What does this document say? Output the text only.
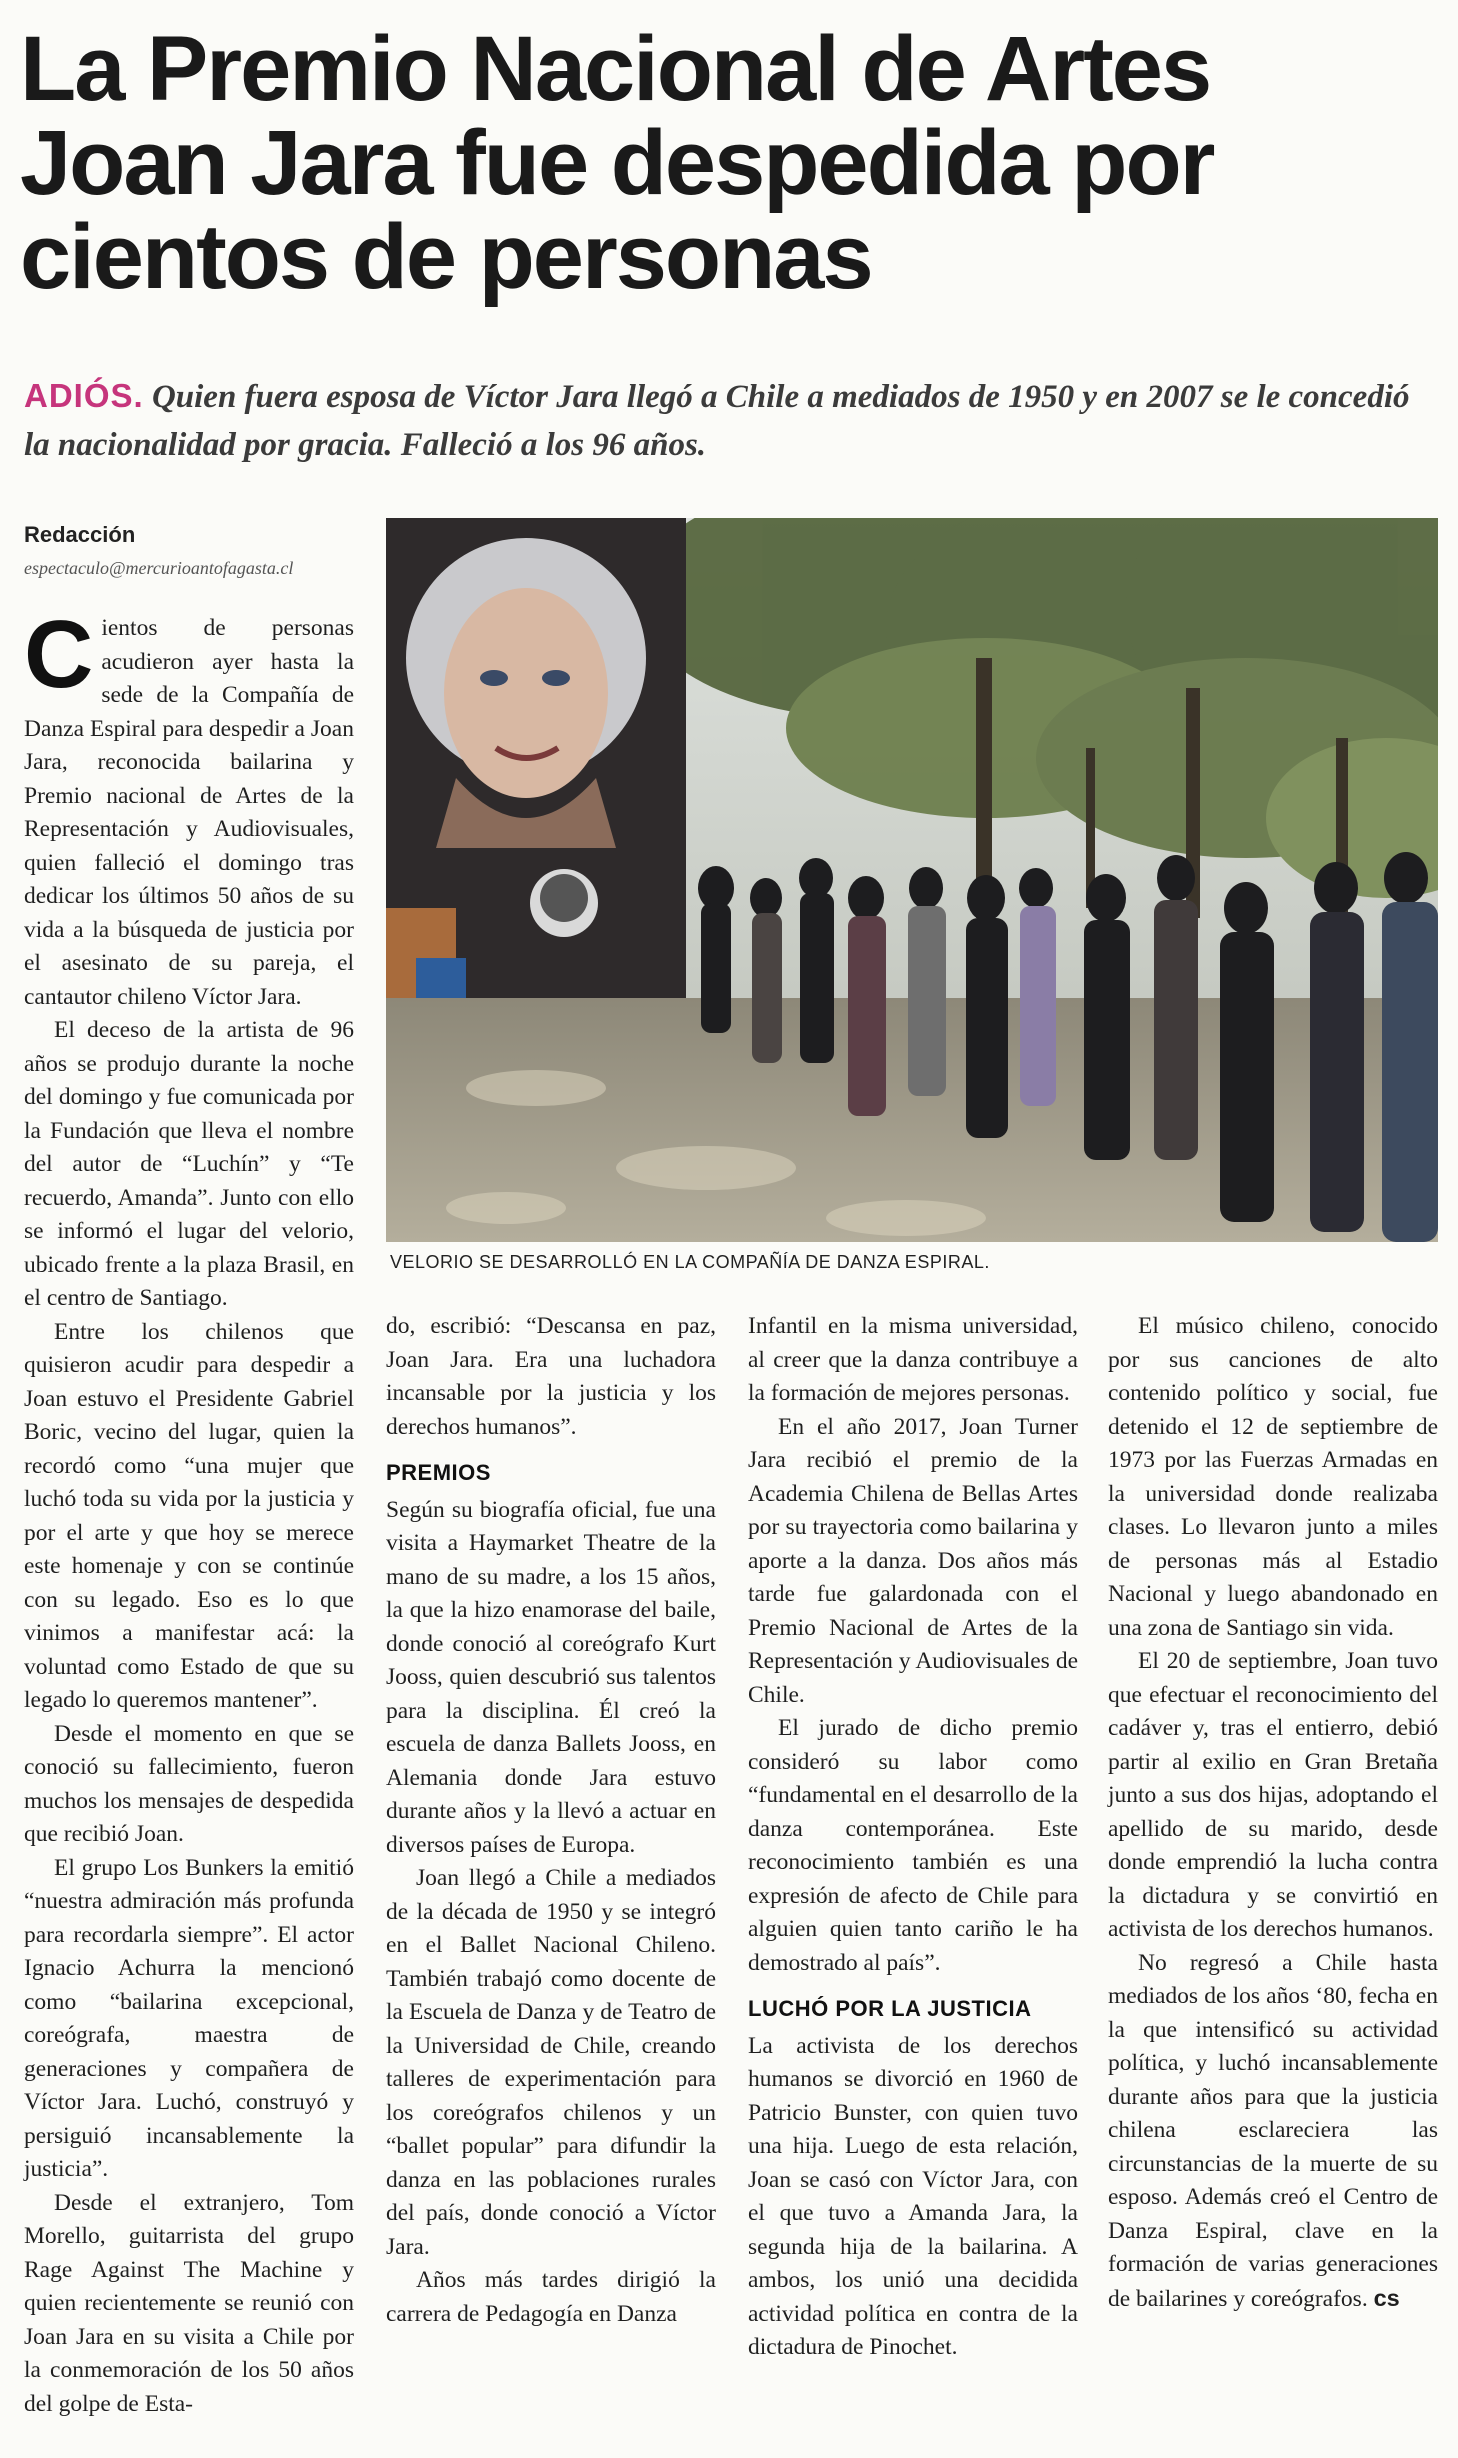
La Premio Nacional de Artes
Joan Jara fue despedida por
cientos de personas

ADIÓS. Quien fuera esposa de Víctor Jara llegó a Chile a mediados de 1950 y en 2007 se le concedió la nacionalidad por gracia. Falleció a los 96 años.

Redacción
espectaculo@mercurioantofagasta.cl
VELORIO SE DESARROLLÓ EN LA COMPAÑÍA DE DANZA ESPIRAL.

Cientos de personas acudieron ayer hasta la sede de la Compañía de Danza Espiral para despedir a Joan Jara, reconocida bailarina y Premio nacional de Artes de la Representación y Audiovisuales, quien falleció el domingo tras dedicar los últimos 50 años de su vida a la búsqueda de justicia por el asesinato de su pareja, el cantautor chileno Víctor Jara.

El deceso de la artista de 96 años se produjo durante la noche del domingo y fue comunicada por la Fundación que lleva el nombre del autor de “Luchín” y “Te recuerdo, Amanda”. Junto con ello se informó el lugar del velorio, ubicado frente a la plaza Brasil, en el centro de Santiago.

Entre los chilenos que quisieron acudir para despedir a Joan estuvo el Presidente Gabriel Boric, vecino del lugar, quien la recordó como “una mujer que luchó toda su vida por la justicia y por el arte y que hoy se merece este homenaje y con se continúe con su legado. Eso es lo que vinimos a manifestar acá: la voluntad como Estado de que su legado lo queremos mantener”.

Desde el momento en que se conoció su fallecimiento, fueron muchos los mensajes de despedida que recibió Joan.

El grupo Los Bunkers la emitió “nuestra admiración más profunda para recordarla siempre”. El actor Ignacio Achurra la mencionó como “bailarina excepcional, coreógrafa, maestra de generaciones y compañera de Víctor Jara. Luchó, construyó y persiguió incansablemente la justicia”.

Desde el extranjero, Tom Morello, guitarrista del grupo Rage Against The Machine y quien recientemente se reunió con Joan Jara en su visita a Chile por la conmemoración de los 50 años del golpe de Esta-

do, escribió: “Descansa en paz, Joan Jara. Era una luchadora incansable por la justicia y los derechos humanos”.

PREMIOS

Según su biografía oficial, fue una visita a Haymarket Theatre de la mano de su madre, a los 15 años, la que la hizo enamorase del baile, donde conoció al coreógrafo Kurt Jooss, quien descubrió sus talentos para la disciplina. Él creó la escuela de danza Ballets Jooss, en Alemania donde Jara estuvo durante años y la llevó a actuar en diversos países de Europa.

Joan llegó a Chile a mediados de la década de 1950 y se integró en el Ballet Nacional Chileno. También trabajó como docente de la Escuela de Danza y de Teatro de la Universidad de Chile, creando talleres de experimentación para los coreógrafos chilenos y un “ballet popular” para difundir la danza en las poblaciones rurales del país, donde conoció a Víctor Jara.

Años más tardes dirigió la carrera de Pedagogía en Danza

Infantil en la misma universidad, al creer que la danza contribuye a la formación de mejores personas.

En el año 2017, Joan Turner Jara recibió el premio de la Academia Chilena de Bellas Artes por su trayectoria como bailarina y aporte a la danza. Dos años más tarde fue galardonada con el Premio Nacional de Artes de la Representación y Audiovisuales de Chile.

El jurado de dicho premio consideró su labor como “fundamental en el desarrollo de la danza contemporánea. Este reconocimiento también es una expresión de afecto de Chile para alguien quien tanto cariño le ha demostrado al país”.

LUCHÓ POR LA JUSTICIA

La activista de los derechos humanos se divorció en 1960 de Patricio Bunster, con quien tuvo una hija. Luego de esta relación, Joan se casó con Víctor Jara, con el que tuvo a Amanda Jara, la segunda hija de la bailarina. A ambos, los unió una decidida actividad política en contra de la dictadura de Pinochet.

El músico chileno, conocido por sus canciones de alto contenido político y social, fue detenido el 12 de septiembre de 1973 por las Fuerzas Armadas en la universidad donde realizaba clases. Lo llevaron junto a miles de personas más al Estadio Nacional y luego abandonado en una zona de Santiago sin vida.

El 20 de septiembre, Joan tuvo que efectuar el reconocimiento del cadáver y, tras el entierro, debió partir al exilio en Gran Bretaña junto a sus dos hijas, adoptando el apellido de su marido, desde donde emprendió la lucha contra la dictadura y se convirtió en activista de los derechos humanos.

No regresó a Chile hasta mediados de los años ‘80, fecha en la que intensificó su actividad política, y luchó incansablemente durante años para que la justicia chilena esclareciera las circunstancias de la muerte de su esposo. Además creó el Centro de Danza Espiral, clave en la formación de varias generaciones de bailarines y coreógrafos. cs
